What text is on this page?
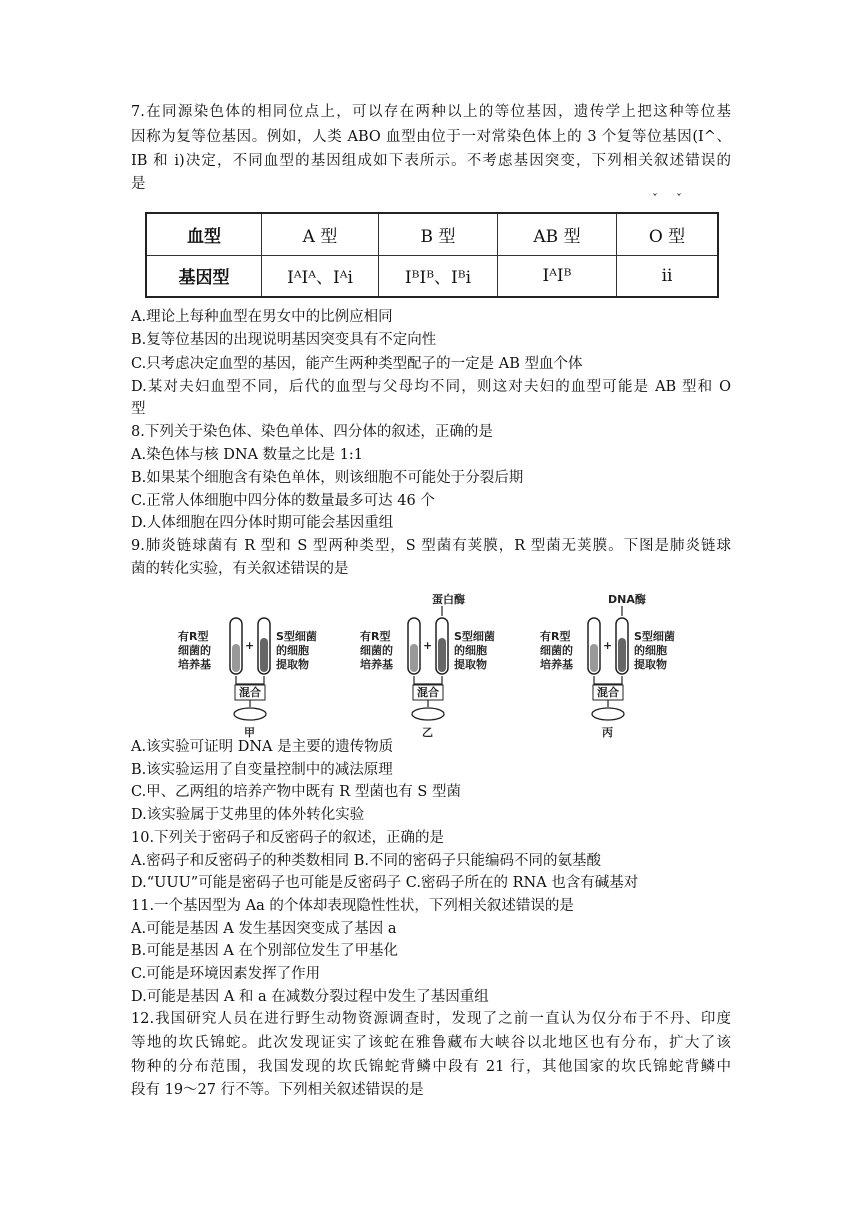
7.在同源染色体的相同位点上，可以存在两种以上的等位基因，遗传学上把这种等位基
因称为复等位基因。例如，人类 ABO 血型由位于一对常染色体上的 3 个复等位基因(I^、
IB 和 i)决定，不同血型的基因组成如下表所示。不考虑基因突变，下列相关叙述错误的
是
ˇˇ
血型	A 型	B 型	AB 型	O 型
基因型	IᴬIᴬ、Iᴬi	IᴮIᴮ、Iᴮi	IᴬIᴮ	ii
A.理论上每种血型在男女中的比例应相同
B.复等位基因的出现说明基因突变具有不定向性
C.只考虑决定血型的基因，能产生两种类型配子的一定是 AB 型血个体
D.某对夫妇血型不同，后代的血型与父母均不同，则这对夫妇的血型可能是 AB 型和 O
型
8.下列关于染色体、染色单体、四分体的叙述，正确的是
A.染色体与核 DNA 数量之比是 1:1
B.如果某个细胞含有染色单体，则该细胞不可能处于分裂后期
C.正常人体细胞中四分体的数量最多可达 46 个
D.人体细胞在四分体时期可能会基因重组
9.肺炎链球菌有 R 型和 S 型两种类型，S 型菌有荚膜，R 型菌无荚膜。下图是肺炎链球
菌的转化实验，有关叙述错误的是
有R型
细菌的
培养基
+
S型细菌
的细胞
提取物
混合
甲
有R型
细菌的
培养基
+
蛋白酶
S型细菌
的细胞
提取物
混合
乙
有R型
细菌的
培养基
+
DNA酶
S型细菌
的细胞
提取物
混合
丙
A.该实验可证明 DNA 是主要的遗传物质
B.该实验运用了自变量控制中的减法原理
C.甲、乙两组的培养产物中既有 R 型菌也有 S 型菌
D.该实验属于艾弗里的体外转化实验
10.下列关于密码子和反密码子的叙述，正确的是
A.密码子和反密码子的种类数相同 B.不同的密码子只能编码不同的氨基酸
D.“UUU”可能是密码子也可能是反密码子 C.密码子所在的 RNA 也含有碱基对
11.一个基因型为 Aa 的个体却表现隐性性状，下列相关叙述错误的是
A.可能是基因 A 发生基因突变成了基因 a
B.可能是基因 A 在个别部位发生了甲基化
C.可能是环境因素发挥了作用
D.可能是基因 A 和 a 在减数分裂过程中发生了基因重组
12.我国研究人员在进行野生动物资源调查时，发现了之前一直认为仅分布于不丹、印度
等地的坎氏锦蛇。此次发现证实了该蛇在雅鲁藏布大峡谷以北地区也有分布，扩大了该
物种的分布范围，我国发现的坎氏锦蛇背鳞中段有 21 行，其他国家的坎氏锦蛇背鳞中
段有 19～27 行不等。下列相关叙述错误的是
